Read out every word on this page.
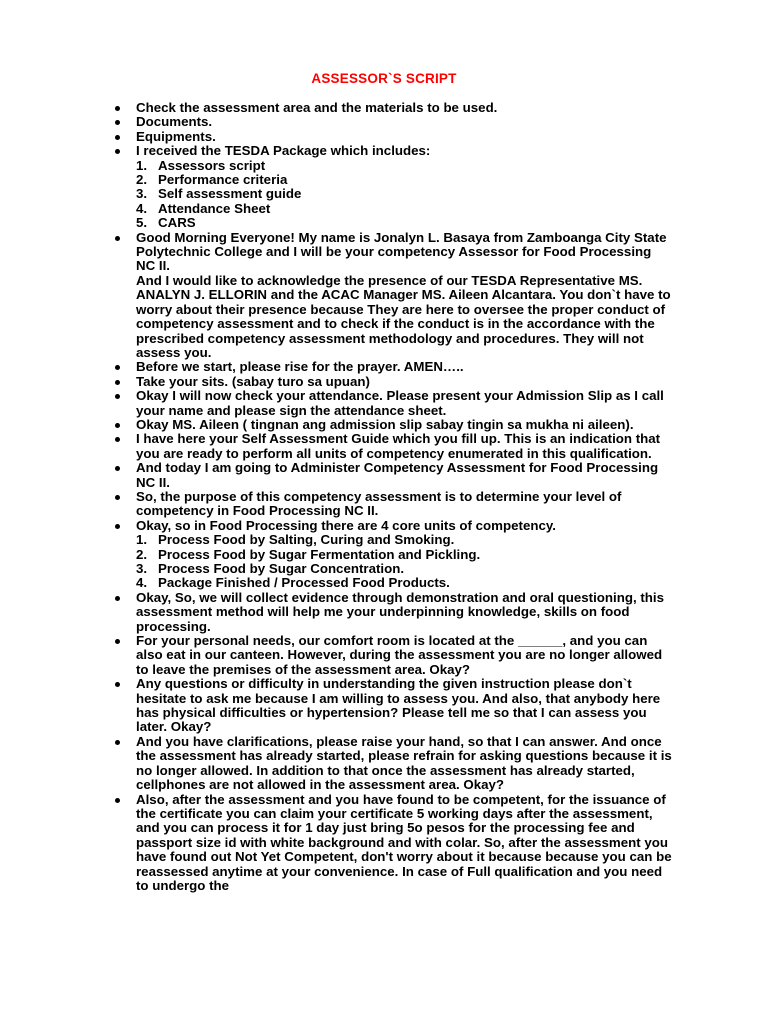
ASSESSOR`S SCRIPT
Check the assessment area and the materials to be used.
Documents.
Equipments.
I received the TESDA Package which includes:
1. Assessors script
2. Performance criteria
3. Self assessment guide
4. Attendance Sheet
5. CARS
Good Morning Everyone! My name is Jonalyn L. Basaya from Zamboanga City State Polytechnic College and I will be your competency Assessor for Food Processing NC II.
And I would like to acknowledge the presence of our TESDA Representative MS. ANALYN J. ELLORIN and the ACAC Manager MS. Aileen Alcantara. You don`t have to worry about their presence because They are here to oversee the proper conduct of competency assessment and to check if the conduct is in the accordance with the prescribed competency assessment methodology and procedures. They will not assess you.
Before we start, please rise for the prayer. AMEN…..
Take your sits. (sabay turo sa upuan)
Okay I will now check your attendance. Please present your Admission Slip as I call your name and please sign the attendance sheet.
Okay MS. Aileen ( tingnan ang admission slip sabay tingin sa mukha ni aileen).
I have here your Self Assessment Guide which you fill up. This is an indication that you are ready to perform all units of competency enumerated in this qualification.
And today I am going to Administer Competency Assessment for Food Processing NC II.
So, the purpose of this competency assessment is to determine your level of competency in Food Processing NC II.
Okay, so in Food Processing there are 4 core units of competency.
1. Process Food by Salting, Curing and Smoking.
2. Process Food by Sugar Fermentation and Pickling.
3. Process Food by Sugar Concentration.
4. Package Finished / Processed Food Products.
Okay, So, we will collect evidence through demonstration and oral questioning, this assessment method will help me your underpinning knowledge, skills on food processing.
For your personal needs, our comfort room is located at the ______, and you can also eat in our canteen. However, during the assessment you are no longer allowed to leave the premises of the assessment area. Okay?
Any questions or difficulty in understanding the given instruction please don`t hesitate to ask me because I am willing to assess you. And also, that anybody here has physical difficulties or hypertension? Please tell me so that I can assess you later. Okay?
And you have clarifications, please raise your hand, so that I can answer. And once the assessment has already started, please refrain for asking questions because it is no longer allowed. In addition to that once the assessment has already started, cellphones are not allowed in the assessment area. Okay?
Also, after the assessment and you have found to be competent, for the issuance of the certificate you can claim your certificate 5 working days after the assessment, and you can process it for 1 day just bring 5o pesos for the processing fee and passport size id with white background and with colar. So, after the assessment you have found out Not Yet Competent, don't worry about it because because you can be reassessed anytime at your convenience. In case of Full qualification and you need to undergo the
